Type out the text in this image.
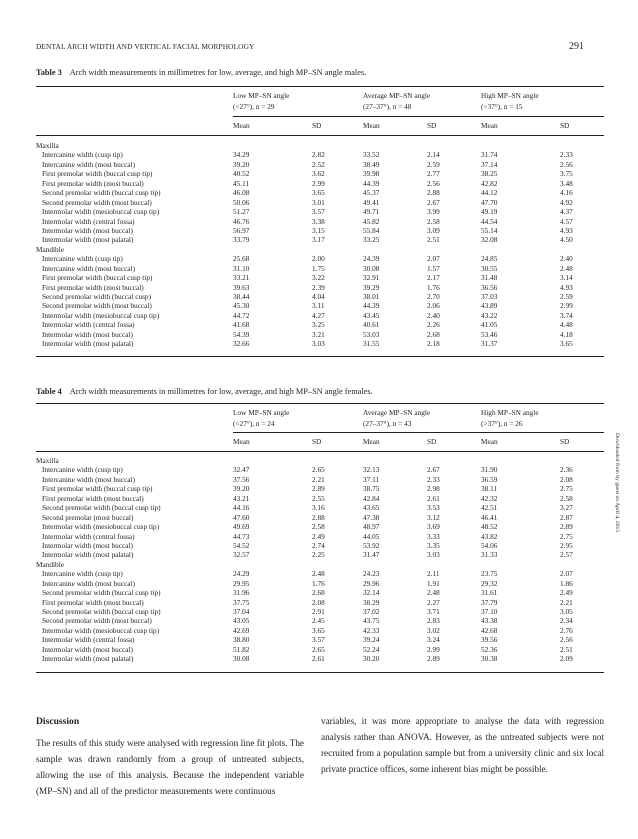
DENTAL ARCH WIDTH AND VERTICAL FACIAL MORPHOLOGY	291
Downloaded from by guest on April 4, 2015
Table 3 Arch width measurements in millimetres for low, average, and high MP–SN angle males.
Low MP–SN angle
(<27°), n = 29
Average MP–SN angle
(27–37°), n = 48
High MP–SN angle
(>37°), n = 15
Mean	SD	Mean	SD	Mean	SD
Maxilla
Intercanine width (cusp tip)	34.29	2.82	33.52	2.14	31.74	2.33
Intercanine width (most buccal)	39.20	2.52	38.49	2.59	37.14	2.56
First premolar width (buccal cusp tip)	40.52	3.62	39.98	2.77	38.25	3.75
First premolar width (most buccal)	45.11	2.99	44.39	2.56	42.82	3.48
Second premolar width (buccal cusp tip)	46.08	3.65	45.37	2.88	44.12	4.16
Second premolar width (most buccal)	50.06	3.01	49.41	2.67	47.70	4.92
Intermolar width (mesiobuccal cusp tip)	51.27	3.57	49.71	3.99	49.19	4.37
Intermolar width (central fossa)	46.76	3.38	45.82	2.58	44.54	4.57
Intermolar width (most buccal)	56.97	3.15	55.84	3.09	55.14	4.93
Intermolar width (most palatal)	33.79	3.17	33.25	2.51	32.08	4.50
Mandible
Intercanine width (cusp tip)	25.68	2.00	24.39	2.07	24.85	2.40
Intercanine width (most buccal)	31.10	1.75	30.08	1.57	30.55	2.48
First premolar width (buccal cusp tip)	33.21	3.22	32.91	2.17	31.48	3.14
First premolar width (most buccal)	39.63	2.39	39.29	1.76	36.56	4.93
Second premolar width (buccal cusp)	38.44	4.04	38.01	2.70	37.03	2.59
Second premolar width (most buccal)	45.30	3.11	44.39	2.06	43.89	2.99
Intermolar width (mesiobuccal cusp tip)	44.72	4.27	43.45	2.40	43.22	3.74
Intermolar width (central fossa)	41.68	3.25	40.61	2.26	41.05	4.48
Intermolar width (most buccal)	54.39	3.21	53.03	2.68	53.46	4.18
Intermolar width (most palatal)	32.66	3.03	31.55	2.18	31.37	3.65
Table 4 Arch width measurements in millimetres for low, average, and high MP–SN angle females.
Low MP–SN angle
(<27°), n = 24
Average MP–SN angle
(27–37°), n = 43
High MP–SN angle
(>37°), n = 26
Mean	SD	Mean	SD	Mean	SD
Maxilla
Intercanine width (cusp tip)	32.47	2.65	32.13	2.67	31.90	2.36
Intercanine width (most buccal)	37.56	2.21	37.11	2.33	36.59	2.08
First premolar width (buccal cusp tip)	39.20	2.89	38.75	2.98	38.11	2.75
First premolar width (most buccal)	43.21	2.55	42.84	2.61	42.32	2.58
Second premolar width (buccal cusp tip)	44.16	3.16	43.65	3.53	42.51	3.27
Second premolar (most buccal)	47.60	2.88	47.38	3.12	46.41	2.87
Intermolar width (mesiobuccal cusp tip)	49.69	2.58	48.97	3.69	48.52	2.89
Intermolar width (central fossa)	44.73	2.49	44.05	3.33	43.82	2.75
Intermolar width (most buccal)	54.52	2.74	53.92	3.35	54.06	2.95
Intermolar width (most palatal)	32.57	2.25	31.47	3.03	31.33	2.57
Mandible
Intercanine width (cusp tip)	24.29	2.48	24.23	2.11	23.75	2.07
Intercanine width (most buccal)	29.95	1.76	29.96	1.91	29.32	1.86
Second premolar width (buccal cusp tip)	31.96	2.68	32.14	2.48	31.61	2.49
First premolar width (most buccal)	37.75	2.08	38.29	2.27	37.79	2.21
Second premolar width (buccal cusp tip)	37.04	2.91	37.02	3.71	37.10	3.05
Second premolar width (most buccal)	43.05	2.45	43.75	2.83	43.38	2.34
Intermolar width (mesiobuccal cusp tip)	42.69	3.65	42.33	3.02	42.68	2.76
Intermolar width (central fossa)	38.80	3.57	39.24	3.24	39.56	2.56
Intermolar width (most buccal)	51.82	2.65	52.24	2.99	52.36	2.51
Intermolar width (most palatal)	30.08	2.61	30.20	2.89	30.38	2.09
Discussion
The results of this study were analysed with regression line fit plots. The sample was drawn randomly from a group of untreated subjects, allowing the use of this analysis. Because the independent variable (MP–SN) and all of the predictor measurements were continuous
variables, it was more appropriate to analyse the data with regression analysis rather than ANOVA. However, as the untreated subjects were not recruited from a population sample but from a university clinic and six local private practice offices, some inherent bias might be possible.
